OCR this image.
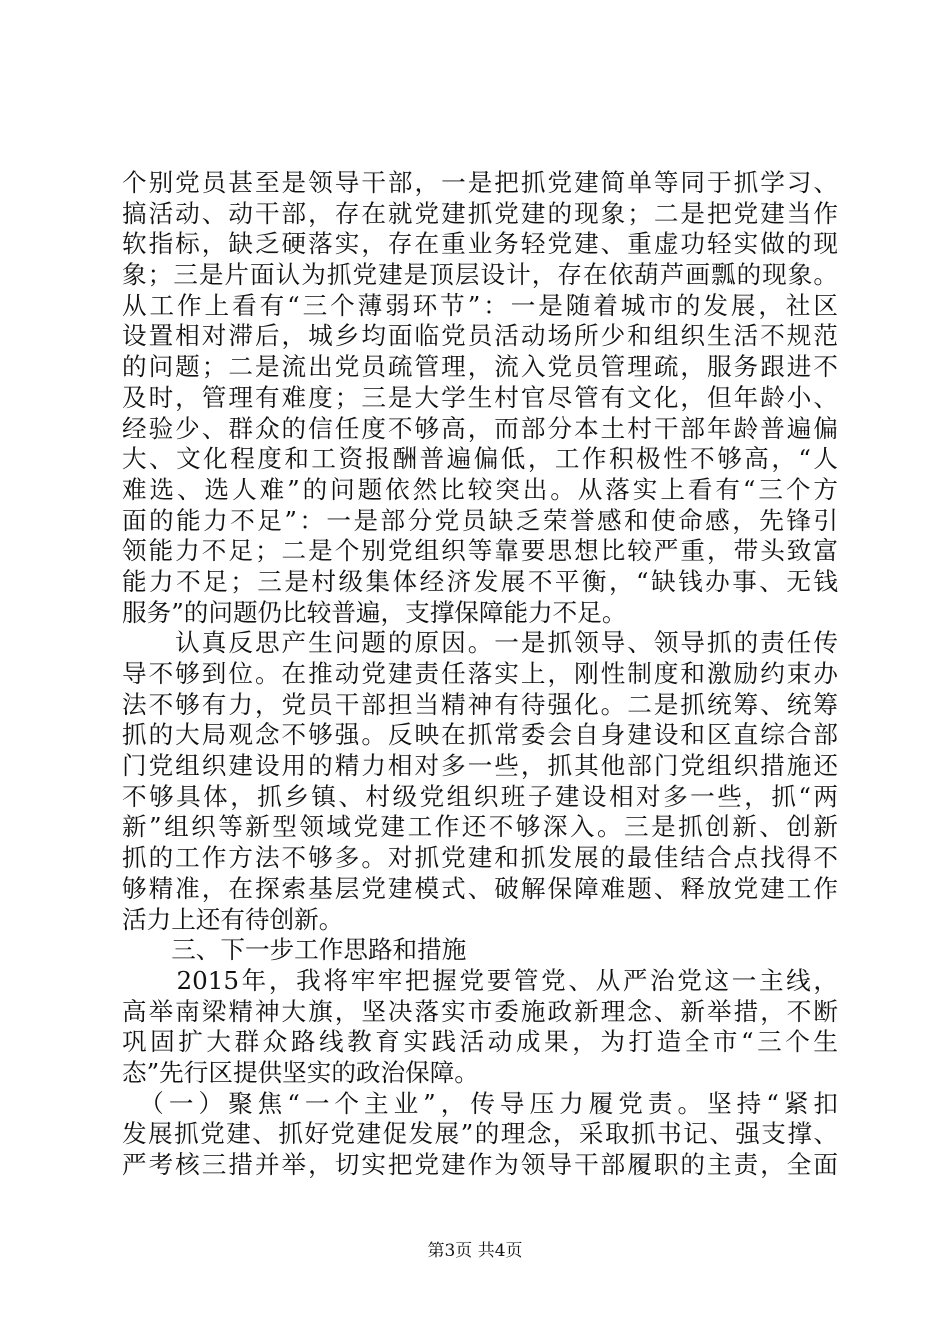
个别党员甚至是领导干部，一是把抓党建简单等同于抓学习、
搞活动、动干部，存在就党建抓党建的现象；二是把党建当作
软指标，缺乏硬落实，存在重业务轻党建、重虚功轻实做的现
象；三是片面认为抓党建是顶层设计，存在依葫芦画瓢的现象。
从工作上看有“三个薄弱环节”：一是随着城市的发展，社区
设置相对滞后，城乡均面临党员活动场所少和组织生活不规范
的问题；二是流出党员疏管理，流入党员管理疏，服务跟进不
及时，管理有难度；三是大学生村官尽管有文化，但年龄小、
经验少、群众的信任度不够高，而部分本土村干部年龄普遍偏
大、文化程度和工资报酬普遍偏低，工作积极性不够高，“人
难选、选人难”的问题依然比较突出。从落实上看有“三个方
面的能力不足”：一是部分党员缺乏荣誉感和使命感，先锋引
领能力不足；二是个别党组织等靠要思想比较严重，带头致富
能力不足；三是村级集体经济发展不平衡，“缺钱办事、无钱
服务”的问题仍比较普遍，支撑保障能力不足。
　　认真反思产生问题的原因。一是抓领导、领导抓的责任传
导不够到位。在推动党建责任落实上，刚性制度和激励约束办
法不够有力，党员干部担当精神有待强化。二是抓统筹、统筹
抓的大局观念不够强。反映在抓常委会自身建设和区直综合部
门党组织建设用的精力相对多一些，抓其他部门党组织措施还
不够具体，抓乡镇、村级党组织班子建设相对多一些，抓“两
新”组织等新型领域党建工作还不够深入。三是抓创新、创新
抓的工作方法不够多。对抓党建和抓发展的最佳结合点找得不
够精准，在探索基层党建模式、破解保障难题、释放党建工作
活力上还有待创新。
　　三、下一步工作思路和措施
　　2015年，我将牢牢把握党要管党、从严治党这一主线，
高举南梁精神大旗，坚决落实市委施政新理念、新举措，不断
巩固扩大群众路线教育实践活动成果，为打造全市“三个生
态”先行区提供坚实的政治保障。
　（一）聚焦“一个主业”，传导压力履党责。坚持“紧扣
发展抓党建、抓好党建促发展”的理念，采取抓书记、强支撑、
严考核三措并举，切实把党建作为领导干部履职的主责，全面
第3页 共4页
